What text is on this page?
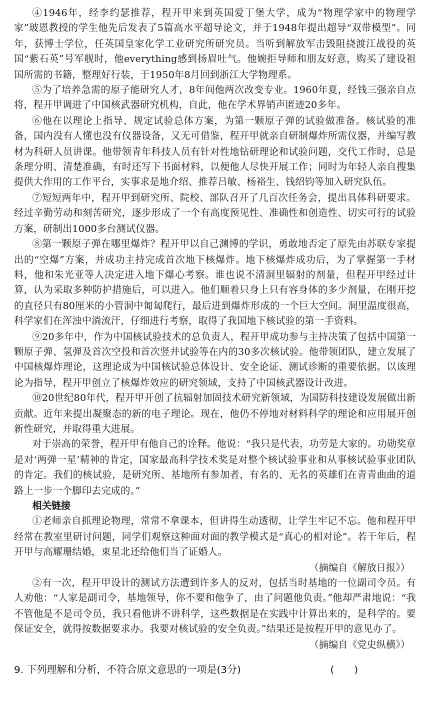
④1946年，经李约瑟推荐，程开甲来到英国爱丁堡大学，成为“物理学家中的物理学家”玻恩教授的学生他先后发表了5篇高水平超导论文，并于1948年提出超导“双带模型”。同年，获博士学位，任英国皇家化学工业研究所研究员。当听到解放军击毁阻挠渡江战役的英国“紫石英”号军舰时，他everything感到扬眉吐气。他婉拒导师和朋友好意，购买了建设祖国所需的书籍，整理好行装，于1950年8月回到浙江大学物理系。

⑤为了培养急需的原子能研究人才，8年间他两次改变专业。1960年夏，经钱三强亲自点将，程开甲调进了中国核武器研究机构，自此，他在学术界销声匿迹20多年。

⑥他在以理论上指导、规定试验总体方案，为第一颗原子弹的试验做准备。核试验的准备，国内没有人懂也没有仪器设备，又无可借鉴，程开甲就亲自研制爆炸所需仪器，并编写教材为科研人员讲课。他带领青年科技人员有针对性地钻研理论和试验问题，交代工作时，总是条理分明、清楚准确，有时还写下书面材料，以便他人尽快开展工作；同时为年轻人亲自搜集提供大作用的工作平台，实事求是地介绍、推荐吕敏、杨裕生、钱绍钧等加入研究队伍。

⑦短短两年中，程开甲到研究所、院校、部队召开了几百次任务会，提出具体科研要求。经过辛勤劳动和刻苦研究，逐步形成了一个有高度预见性、准确性和创造性、切实可行的试验方案，研制出1000多台测试仪器。

⑧第一颗原子弹在哪里爆炸？程开甲以自己渊博的学识，勇敢地否定了原先由苏联专家提出的“空爆”方案，并成功主持完成首次地下核爆炸。地下核爆炸成功后，为了掌握第一手材料，他和朱光亚等人决定进入地下爆心考察。谁也说不清洞里辐射的剂量，但程开甲经过计算，认为采取多种防护措施后，可以进入。他们顺着只身上只有容身体的多少剂量，在刚开挖的直径只有80厘米的小管洞中匍匐爬行，最后进到爆炸形成的一个巨大空间。洞里温度很高，科学家们在浑浊中淌流汗，仔细进行考察，取得了我国地下核试验的第一手资料。

⑨20多年中，作为中国核试验技术的总负责人，程开甲成功参与主持决策了包括中国第一颗原子弹、氢弹及首次空投和首次竖井试验等在内的30多次核试验。他带领团队，建立发展了中国核爆炸理论，这理论成为中国核试验总体设计、安全论证、测试诊断的重要依据。以该理论为指导，程开甲创立了核爆炸效应的研究领域，支持了中国核武器设计改进。

⑩20世纪80年代，程开甲开创了抗辐射加固技术研究新领域，为国防科技建设发展做出新贡献。近年来提出凝聚态的新的电子理论。现在，他仍不停地对材料科学的理论和应用展开创新性研究，并取得重大进展。

对于崇高的荣誉，程开甲有他自己的诠释。他说：“我只是代表，功劳是大家的。功勋奖章是对‘两弹一星’精神的肯定，国家最高科学技术奖是对整个核试验事业和从事核试验事业团队的肯定。我们的核试验，是研究所、基地所有参加者，有名的、无名的英雄们在青青曲曲的道路上一步一个脚印去完成的。”

相关链接

①老师亲自抓理论物理，常常不拿课本，但讲得生动透彻，让学生牢记不忘。他和程开甲经常在教室里研讨问题，同学们观察这种面对面的教学模式是“真心的相对论”。若干年后，程开甲与高耀珊结婚，束星北还给他们当了证婚人。

（摘编自《解放日报》）

②有一次，程开甲设计的测试方法遭到许多人的反对，包括当时基地的一位副司令员。有人劝他：“人家是副司令，基地领导，你不要和他争了，由了问题他负责。”他却严肃地说：“我不管他是不是司令员，我只看他讲不讲科学，这些数据是在实践中计算出来的，是科学的。要保证安全，就得按数据要求办。我要对核试验的安全负责。”结果还是按程开甲的意见办了。

（摘编自《党史纵横》）

9. 下列理解和分析，不符合原文意思的一项是(3分)	(　　)
